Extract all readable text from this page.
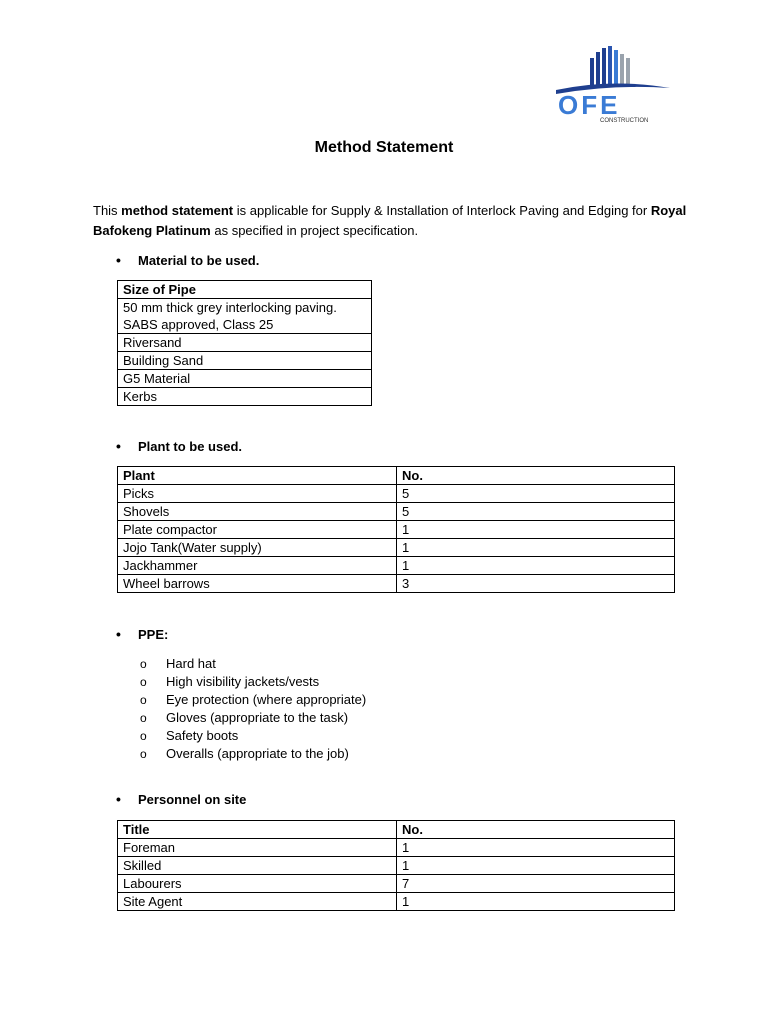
OFE
CONSTRUCTION
Method Statement
This method statement is applicable for Supply & Installation of Interlock Paving and Edging for Royal Bafokeng Platinum as specified in project specification.
• Material to be used.
Size of Pipe

50 mm thick grey interlocking paving.
SABS approved, Class 25

Riversand
Building Sand
G5 Material
Kerbs
• Plant to be used.
Plant	No.
Picks	5
Shovels	5
Plate compactor	1
Jojo Tank(Water supply)	1
Jackhammer	1
Wheel barrows	3
• PPE:
o Hard hat
o High visibility jackets/vests
o Eye protection (where appropriate)
o Gloves (appropriate to the task)
o Safety boots
o Overalls (appropriate to the job)
• Personnel on site
Title	No.
Foreman	1
Skilled	1
Labourers	7
Site Agent	1
